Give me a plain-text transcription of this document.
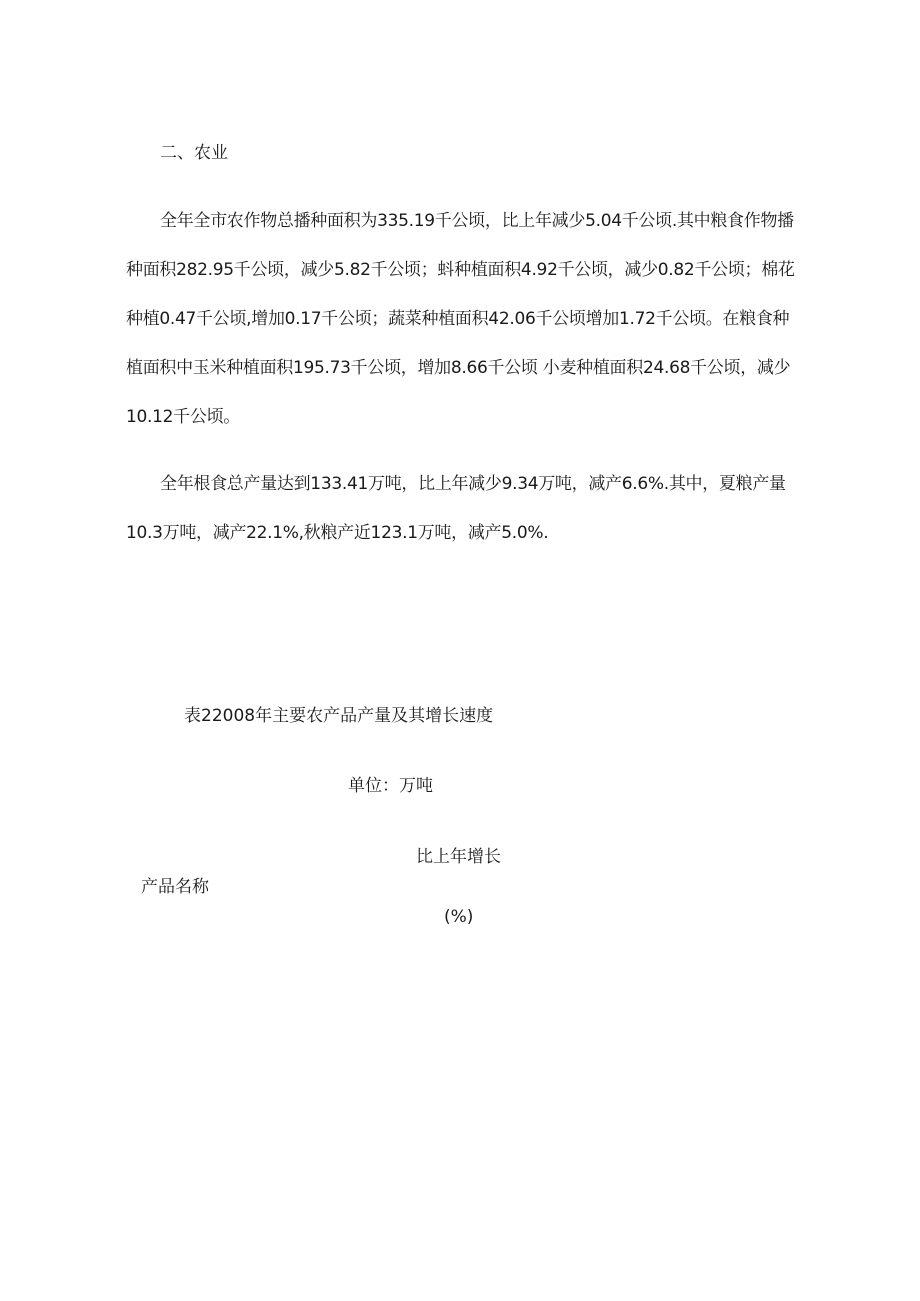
二、农业

全年全市农作物总播种面积为335.19千公顷，比上年减少5.04千公顷.其中粮食作物播种面积282.95千公顷，减少5.82千公顷；蚪种植面积4.92千公顷，减少0.82千公顷；棉花种植0.47千公顷,增加0.17千公顷；蔬菜种植面积42.06千公顷增加1.72千公顷。在粮食种植面积中玉米种植面积195.73千公顷，增加8.66千公顷 小麦种植面积24.68千公顷，减少10.12千公顷。

全年根食总产量达到133.41万吨，比上年减少9.34万吨，减产6.6%.其中，夏粮产量10.3万吨，减产22.1%,秋粮产近123.1万吨，减产5.0%.

表22008年主要农产品产量及其增长速度
单位：万吨
比上年增长
产品名称
(%)
